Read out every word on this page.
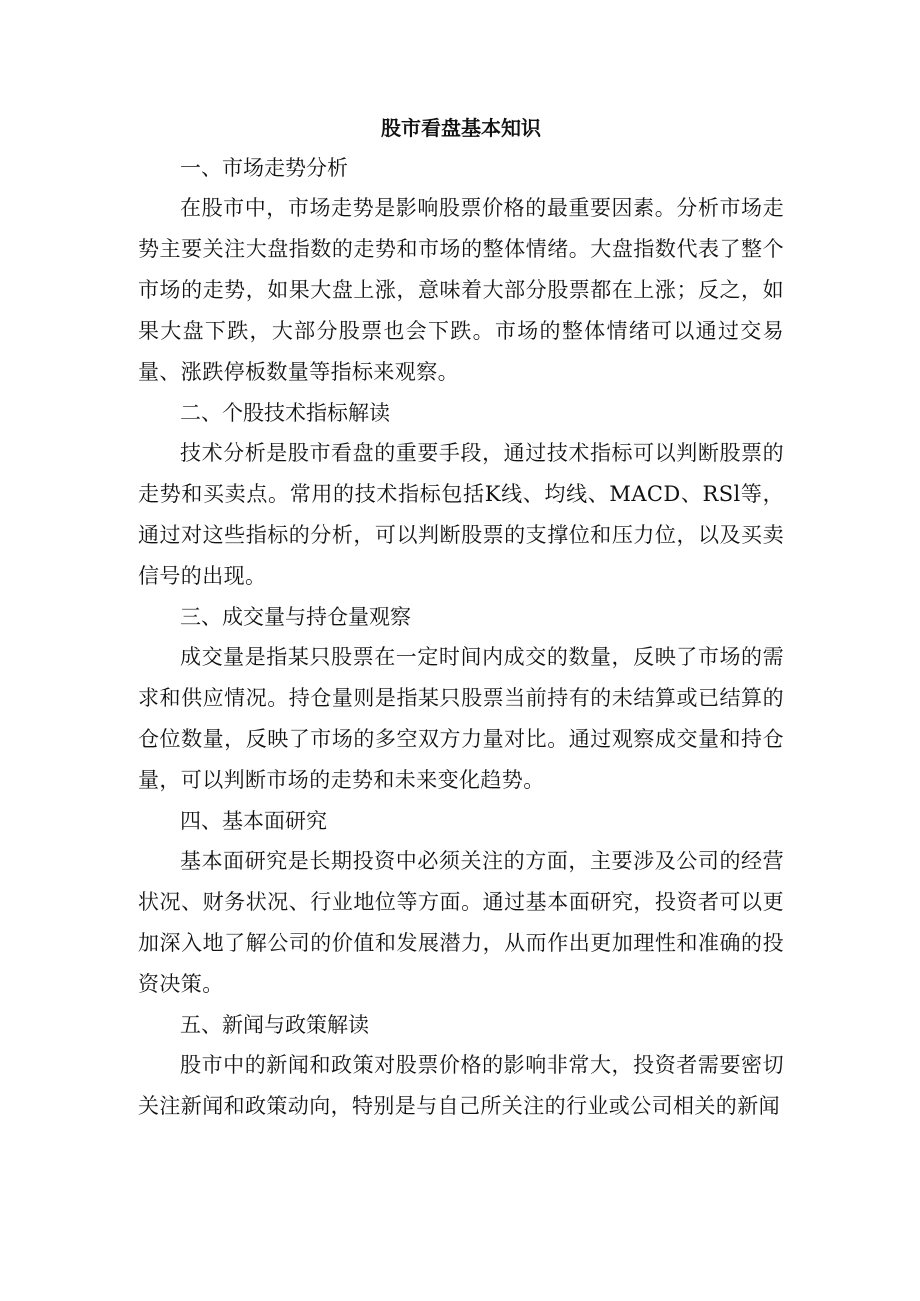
股市看盘基本知识
一、市场走势分析

在股市中，市场走势是影响股票价格的最重要因素。分析市场走势主要关注大盘指数的走势和市场的整体情绪。大盘指数代表了整个市场的走势，如果大盘上涨，意味着大部分股票都在上涨；反之，如果大盘下跌，大部分股票也会下跌。市场的整体情绪可以通过交易量、涨跌停板数量等指标来观察。

二、个股技术指标解读

技术分析是股市看盘的重要手段，通过技术指标可以判断股票的走势和买卖点。常用的技术指标包括K线、均线、MACD、RSl等，通过对这些指标的分析，可以判断股票的支撑位和压力位，以及买卖信号的出现。

三、成交量与持仓量观察

成交量是指某只股票在一定时间内成交的数量，反映了市场的需求和供应情况。持仓量则是指某只股票当前持有的未结算或已结算的仓位数量，反映了市场的多空双方力量对比。通过观察成交量和持仓量，可以判断市场的走势和未来变化趋势。

四、基本面研究

基本面研究是长期投资中必须关注的方面，主要涉及公司的经营状况、财务状况、行业地位等方面。通过基本面研究，投资者可以更加深入地了解公司的价值和发展潜力，从而作出更加理性和准确的投资决策。

五、新闻与政策解读

股市中的新闻和政策对股票价格的影响非常大，投资者需要密切关注新闻和政策动向，特别是与自己所关注的行业或公司相关的新闻
